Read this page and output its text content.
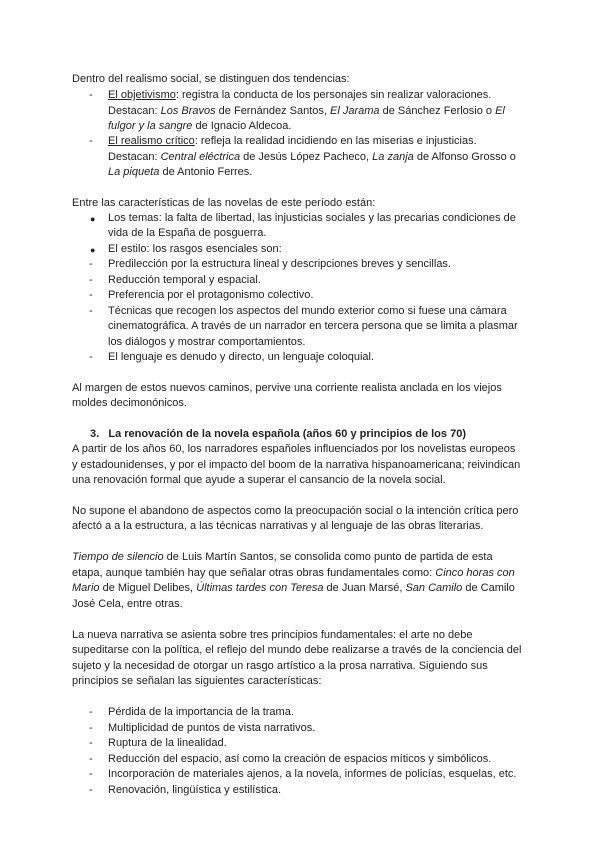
Dentro del realismo social, se distinguen dos tendencias:

- El objetivismo: registra la conducta de los personajes sin realizar valoraciones.
Destacan: Los Bravos de Fernández Santos, El Jarama de Sánchez Ferlosio o El
fulgor y la sangre de Ignacio Aldecoa.

- El realismo crítico: refleja la realidad incidiendo en las miserias e injusticias.
Destacan: Central eléctrica de Jesús López Pacheco, La zanja de Alfonso Grosso o
La piqueta de Antonio Ferres.

Entre las características de las novelas de este período están:

● Los temas: la falta de libertad, las injusticias sociales y las precarias condiciones de

vida de la España de posguerra.

● El estilo: los rasgos esenciales son:

- Predilección por la estructura lineal y descripciones breves y sencillas.

- Reducción temporal y espacial.

- Preferencia por el protagonismo colectivo.

- Técnicas que recogen los aspectos del mundo exterior como si fuese una cámara

cinematográfica. A través de un narrador en tercera persona que se limita a plasmar

los diálogos y mostrar comportamientos.

- El lenguaje es denudo y directo, un lenguaje coloquial.

Al margen de estos nuevos caminos, pervive una corriente realista anclada en los viejos

moldes decimonónicos.

3. La renovación de la novela española (años 60 y principios de los 70)

A partir de los años 60, los narradores españoles influenciados por los novelistas europeos

y estadounidenses, y por el impacto del boom de la narrativa hispanoamericana; reivindican

una renovación formal que ayude a superar el cansancio de la novela social.

No supone el abandono de aspectos como la preocupación social o la intención crítica pero

afectó a a la estructura, a las técnicas narrativas y al lenguaje de las obras literarias.

Tiempo de silencio de Luis Martín Santos, se consolida como punto de partida de esta
etapa, aunque también hay que señalar otras obras fundamentales como: Cinco horas con
Mario de Miguel Delibes, Últimas tardes con Teresa de Juan Marsé, San Camilo de Camilo

José Cela, entre otras.

La nueva narrativa se asienta sobre tres principios fundamentales: el arte no debe

supeditarse con la política, el reflejo del mundo debe realizarse a través de la conciencia del

sujeto y la necesidad de otorgar un rasgo artístico a la prosa narrativa. Siguiendo sus

principios se señalan las siguientes características:

- Pérdida de la importancia de la trama.

- Multiplicidad de puntos de vista narrativos.

- Ruptura de la linealidad.

- Reducción del espacio, así como la creación de espacios míticos y simbólicos.

- Incorporación de materiales ajenos, a la novela, informes de policías, esquelas, etc.

- Renovación, lingüística y estilística.
